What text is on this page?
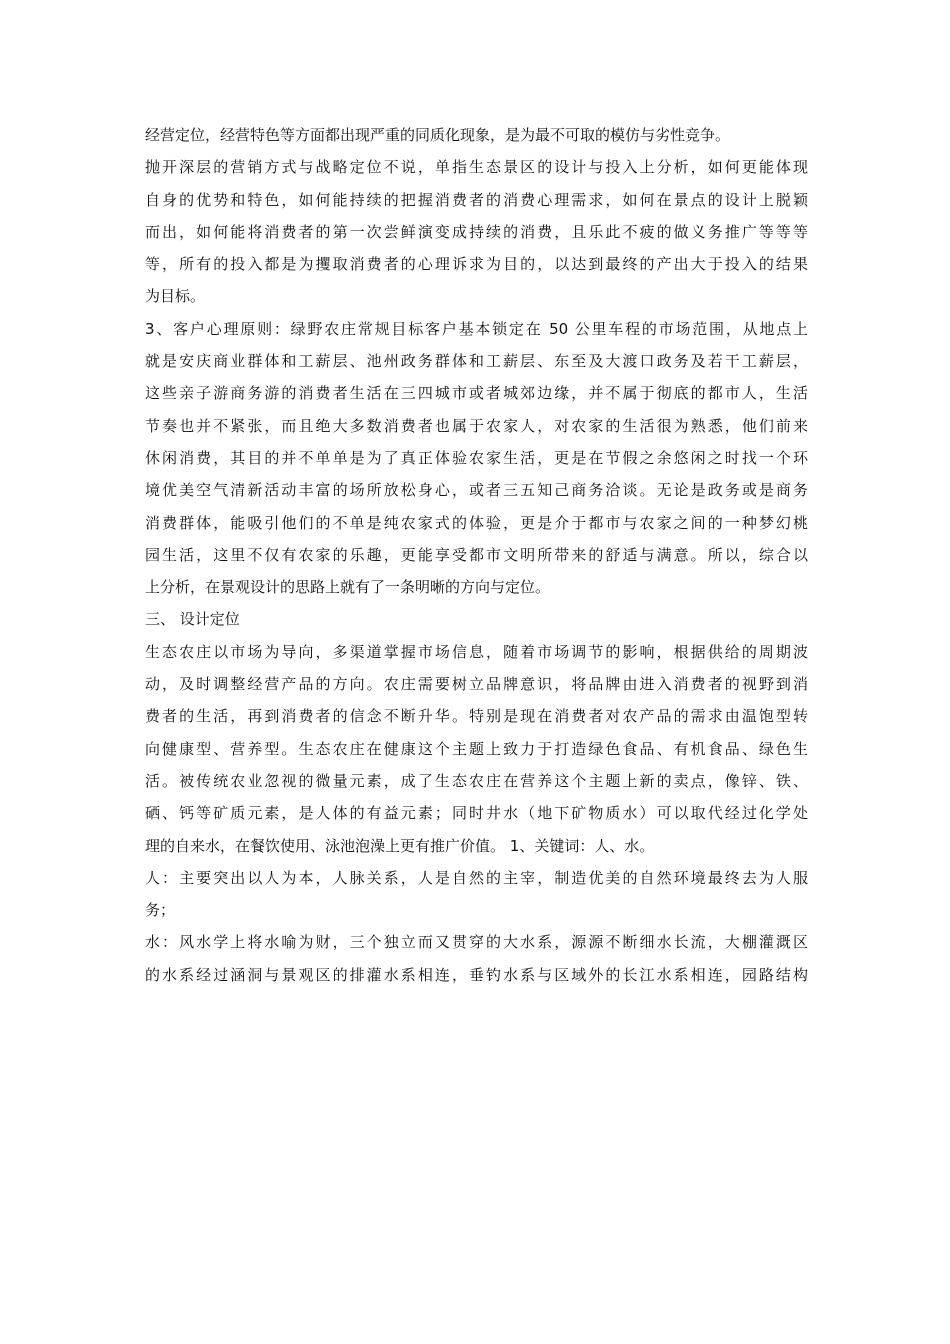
经营定位，经营特色等方面都出现严重的同质化现象，是为最不可取的模仿与劣性竞争。
抛开深层的营销方式与战略定位不说，单指生态景区的设计与投入上分析，如何更能体现
自身的优势和特色，如何能持续的把握消费者的消费心理需求，如何在景点的设计上脱颖
而出，如何能将消费者的第一次尝鲜演变成持续的消费，且乐此不疲的做义务推广等等等
等，所有的投入都是为攫取消费者的心理诉求为目的，以达到最终的产出大于投入的结果
为目标。
3、客户心理原则：绿野农庄常规目标客户基本锁定在 50 公里车程的市场范围，从地点上
就是安庆商业群体和工薪层、池州政务群体和工薪层、东至及大渡口政务及若干工薪层，
这些亲子游商务游的消费者生活在三四城市或者城郊边缘，并不属于彻底的都市人，生活
节奏也并不紧张，而且绝大多数消费者也属于农家人，对农家的生活很为熟悉，他们前来
休闲消费，其目的并不单单是为了真正体验农家生活，更是在节假之余悠闲之时找一个环
境优美空气清新活动丰富的场所放松身心，或者三五知己商务洽谈。无论是政务或是商务
消费群体，能吸引他们的不单是纯农家式的体验，更是介于都市与农家之间的一种梦幻桃
园生活，这里不仅有农家的乐趣，更能享受都市文明所带来的舒适与满意。所以，综合以
上分析，在景观设计的思路上就有了一条明晰的方向与定位。
三、 设计定位
生态农庄以市场为导向，多渠道掌握市场信息，随着市场调节的影响，根据供给的周期波
动，及时调整经营产品的方向。农庄需要树立品牌意识，将品牌由进入消费者的视野到消
费者的生活，再到消费者的信念不断升华。特别是现在消费者对农产品的需求由温饱型转
向健康型、营养型。生态农庄在健康这个主题上致力于打造绿色食品、有机食品、绿色生
活。被传统农业忽视的微量元素，成了生态农庄在营养这个主题上新的卖点，像锌、铁、
硒、钙等矿质元素，是人体的有益元素；同时井水（地下矿物质水）可以取代经过化学处
理的自来水，在餐饮使用、泳池泡澡上更有推广价值。 1、关键词：人、水。
人：主要突出以人为本，人脉关系，人是自然的主宰，制造优美的自然环境最终去为人服
务；
水：风水学上将水喻为财，三个独立而又贯穿的大水系，源源不断细水长流，大棚灌溉区
的水系经过涵洞与景观区的排灌水系相连，垂钓水系与区域外的长江水系相连，园路结构
